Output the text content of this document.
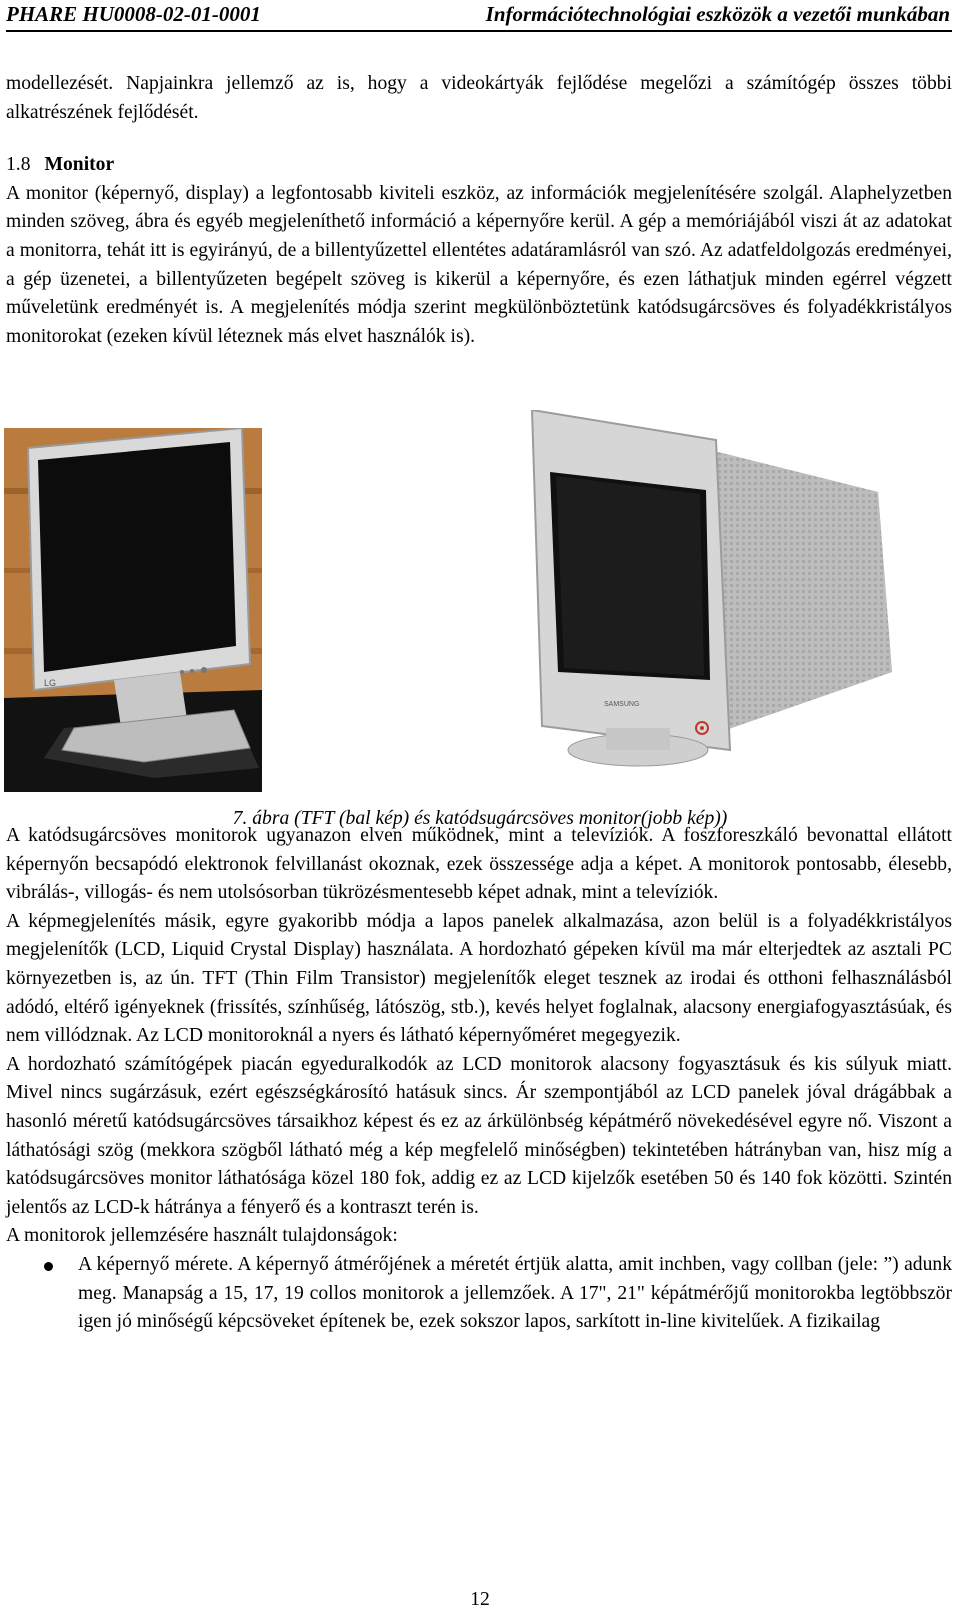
PHARE HU0008-02-01-0001	Információtechnológiai eszközök a vezetői munkában

modellezését. Napjainkra jellemző az is, hogy a videokártyák fejlődése megelőzi a számítógép összes többi alkatrészének fejlődését.

1.8 Monitor

A monitor (képernyő, display) a legfontosabb kiviteli eszköz, az információk megjelenítésére szolgál. Alaphelyzetben minden szöveg, ábra és egyéb megjeleníthető információ a képernyőre kerül. A gép a memóriájából viszi át az adatokat a monitorra, tehát itt is egyirányú, de a billentyűzettel ellentétes adatáramlásról van szó. Az adatfeldolgozás eredményei, a gép üzenetei, a billentyűzeten begépelt szöveg is kikerül a képernyőre, és ezen láthatjuk minden egérrel végzett műveletünk eredményét is. A megjelenítés módja szerint megkülönböztetünk katódsugárcsöves és folyadékkristályos monitorokat (ezeken kívül léteznek más elvet használók is).

LG
SAMSUNG
7. ábra (TFT (bal kép) és katódsugárcsöves monitor(jobb kép))

A katódsugárcsöves monitorok ugyanazon elven működnek, mint a televíziók. A foszforeszkáló bevonattal ellátott képernyőn becsapódó elektronok felvillanást okoznak, ezek összessége adja a képet. A monitorok pontosabb, élesebb, vibrálás-, villogás- és nem utolsósorban tükrözésmentesebb képet adnak, mint a televíziók.

A képmegjelenítés másik, egyre gyakoribb módja a lapos panelek alkalmazása, azon belül is a folyadékkristályos megjelenítők (LCD, Liquid Crystal Display) használata. A hordozható gépeken kívül ma már elterjedtek az asztali PC környezetben is, az ún. TFT (Thin Film Transistor) megjelenítők eleget tesznek az irodai és otthoni felhasználásból adódó, eltérő igényeknek (frissítés, színhűség, látószög, stb.), kevés helyet foglalnak, alacsony energiafogyasztásúak, és nem villódznak. Az LCD monitoroknál a nyers és látható képernyőméret megegyezik.

A hordozható számítógépek piacán egyeduralkodók az LCD monitorok alacsony fogyasztásuk és kis súlyuk miatt. Mivel nincs sugárzásuk, ezért egészségkárosító hatásuk sincs. Ár szempontjából az LCD panelek jóval drágábbak a hasonló méretű katódsugárcsöves társaikhoz képest és ez az árkülönbség képátmérő növekedésével egyre nő. Viszont a láthatósági szög (mekkora szögből látható még a kép megfelelő minőségben) tekintetében hátrányban van, hisz míg a katódsugárcsöves monitor láthatósága közel 180 fok, addig ez az LCD kijelzők esetében 50 és 140 fok közötti. Szintén jelentős az LCD-k hátránya a fényerő és a kontraszt terén is.

A monitorok jellemzésére használt tulajdonságok:

A képernyő mérete. A képernyő átmérőjének a méretét értjük alatta, amit inchben, vagy collban (jele: ”) adunk meg. Manapság a 15, 17, 19 collos monitorok a jellemzőek. A 17", 21" képátmérőjű monitorokba legtöbbször igen jó minőségű képcsöveket építenek be, ezek sokszor lapos, sarkított in-line kivitelűek. A fizikailag
12
